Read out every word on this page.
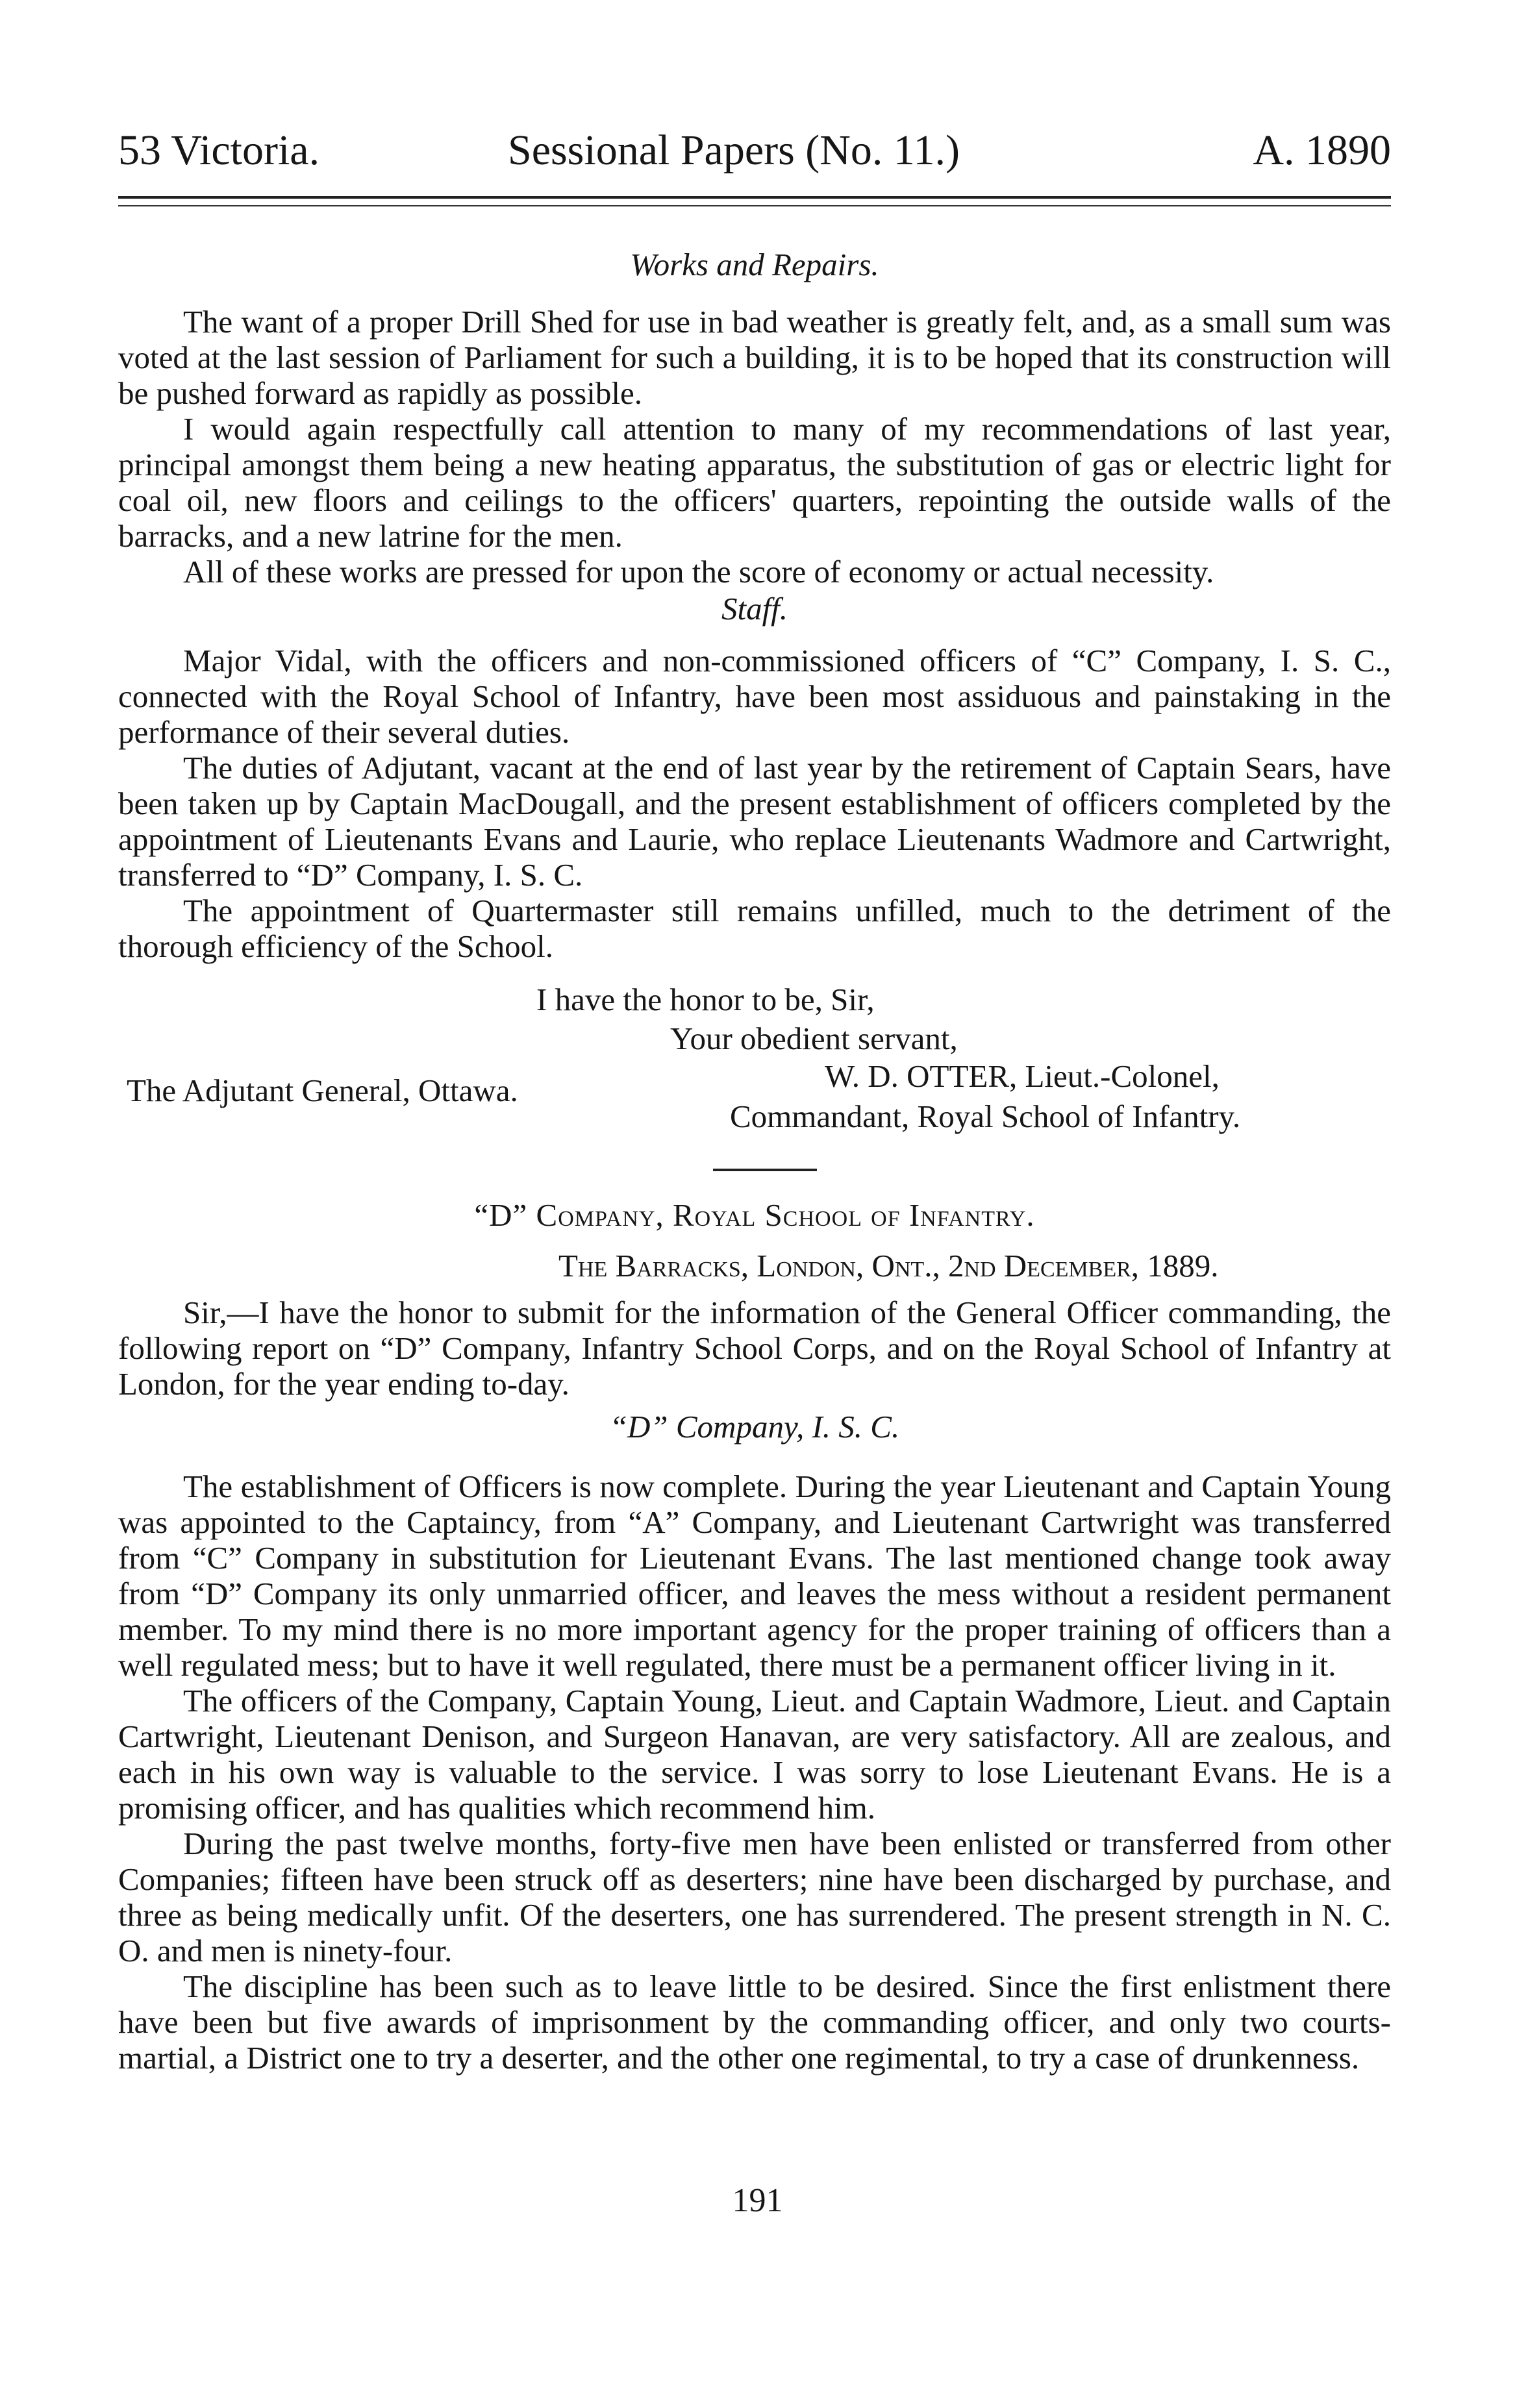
53 Victoria.	Sessional Papers (No. 11.)	A. 1890
Works and Repairs.

The want of a proper Drill Shed for use in bad weather is greatly felt, and, as a small sum was voted at the last session of Parliament for such a building, it is to be hoped that its construction will be pushed forward as rapidly as possible.

I would again respectfully call attention to many of my recommendations of last year, principal amongst them being a new heating apparatus, the substitution of gas or electric light for coal oil, new floors and ceilings to the officers' quarters, repointing the outside walls of the barracks, and a new latrine for the men.

All of these works are pressed for upon the score of economy or actual necessity.

Staff.

Major Vidal, with the officers and non-commissioned officers of “C” Company, I. S. C., connected with the Royal School of Infantry, have been most assiduous and painstaking in the performance of their several duties.

The duties of Adjutant, vacant at the end of last year by the retirement of Captain Sears, have been taken up by Captain MacDougall, and the present establishment of officers completed by the appointment of Lieutenants Evans and Laurie, who replace Lieutenants Wadmore and Cartwright, transferred to “D” Company, I. S. C.

The appointment of Quartermaster still remains unfilled, much to the detriment of the thorough efficiency of the School.

I have the honor to be, Sir,
Your obedient servant,
The Adjutant General, Ottawa.	W. D. OTTER, Lieut.-Colonel,
Commandant, Royal School of Infantry.
“D” Company, Royal School of Infantry.
The Barracks, London, Ont., 2nd December, 1889.

Sir,—I have the honor to submit for the information of the General Officer commanding, the following report on “D” Company, Infantry School Corps, and on the Royal School of Infantry at London, for the year ending to-day.

“D” Company, I. S. C.

The establishment of Officers is now complete. During the year Lieutenant and Captain Young was appointed to the Captaincy, from “A” Company, and Lieutenant Cartwright was transferred from “C” Company in substitution for Lieutenant Evans. The last mentioned change took away from “D” Company its only unmarried officer, and leaves the mess without a resident permanent member. To my mind there is no more important agency for the proper training of officers than a well regulated mess; but to have it well regulated, there must be a permanent officer living in it.

The officers of the Company, Captain Young, Lieut. and Captain Wadmore, Lieut. and Captain Cartwright, Lieutenant Denison, and Surgeon Hanavan, are very satisfactory. All are zealous, and each in his own way is valuable to the service. I was sorry to lose Lieutenant Evans. He is a promising officer, and has qualities which recommend him.

During the past twelve months, forty-five men have been enlisted or transferred from other Companies; fifteen have been struck off as deserters; nine have been discharged by purchase, and three as being medically unfit. Of the deserters, one has surrendered. The present strength in N. C. O. and men is ninety-four.

The discipline has been such as to leave little to be desired. Since the first enlistment there have been but five awards of imprisonment by the commanding officer, and only two courts-martial, a District one to try a deserter, and the other one regimental, to try a case of drunkenness.

191
